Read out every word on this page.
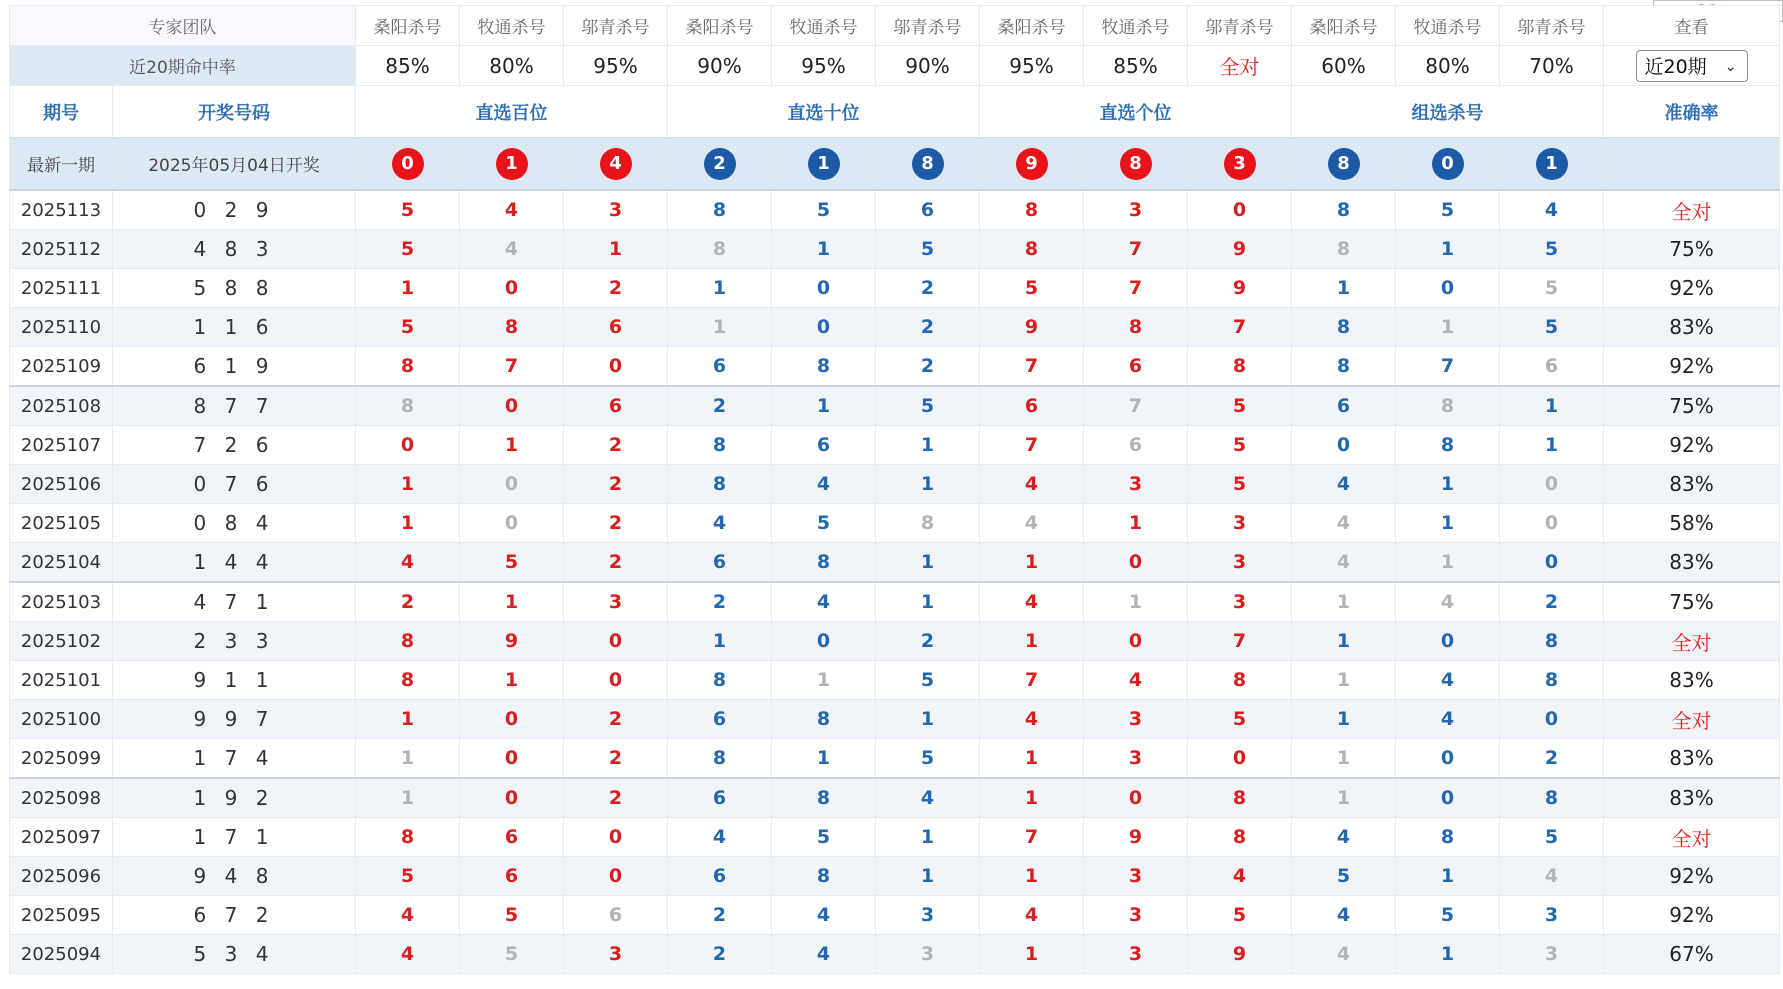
专家团队		桑阳杀号	牧通杀号	邬青杀号	桑阳杀号	牧通杀号	邬青杀号	桑阳杀号	牧通杀号	邬青杀号	桑阳杀号	牧通杀号	邬青杀号	查看
近20期命中率		85%	80%	95%	90%	95%	90%	95%	85%	全对	60%	80%	70%	近20期 ⌄

期号	开奖号码	直选百位			直选十位			直选个位			组选杀号			准确率
最新一期	2025年05月04日开奖	0	1	4	2	1	8	9	8	3	8	0	1	
2025113	0 2 9	5	4	3	8	5	6	8	3	0	8	5	4	全对
2025112	4 8 3	5	4	1	8	1	5	8	7	9	8	1	5	75%
2025111	5 8 8	1	0	2	1	0	2	5	7	9	1	0	5	92%
2025110	1 1 6	5	8	6	1	0	2	9	8	7	8	1	5	83%
2025109	6 1 9	8	7	0	6	8	2	7	6	8	8	7	6	92%
2025108	8 7 7	8	0	6	2	1	5	6	7	5	6	8	1	75%
2025107	7 2 6	0	1	2	8	6	1	7	6	5	0	8	1	92%
2025106	0 7 6	1	0	2	8	4	1	4	3	5	4	1	0	83%
2025105	0 8 4	1	0	2	4	5	8	4	1	3	4	1	0	58%
2025104	1 4 4	4	5	2	6	8	1	1	0	3	4	1	0	83%
2025103	4 7 1	2	1	3	2	4	1	4	1	3	1	4	2	75%
2025102	2 3 3	8	9	0	1	0	2	1	0	7	1	0	8	全对
2025101	9 1 1	8	1	0	8	1	5	7	4	8	1	4	8	83%
2025100	9 9 7	1	0	2	6	8	1	4	3	5	1	4	0	全对
2025099	1 7 4	1	0	2	8	1	5	1	3	0	1	0	2	83%
2025098	1 9 2	1	0	2	6	8	4	1	0	8	1	0	8	83%
2025097	1 7 1	8	6	0	4	5	1	7	9	8	4	8	5	全对
2025096	9 4 8	5	6	0	6	8	1	1	3	4	5	1	4	92%
2025095	6 7 2	4	5	6	2	4	3	4	3	5	4	5	3	92%
2025094	5 3 4	4	5	3	2	4	3	1	3	9	4	1	3	67%
